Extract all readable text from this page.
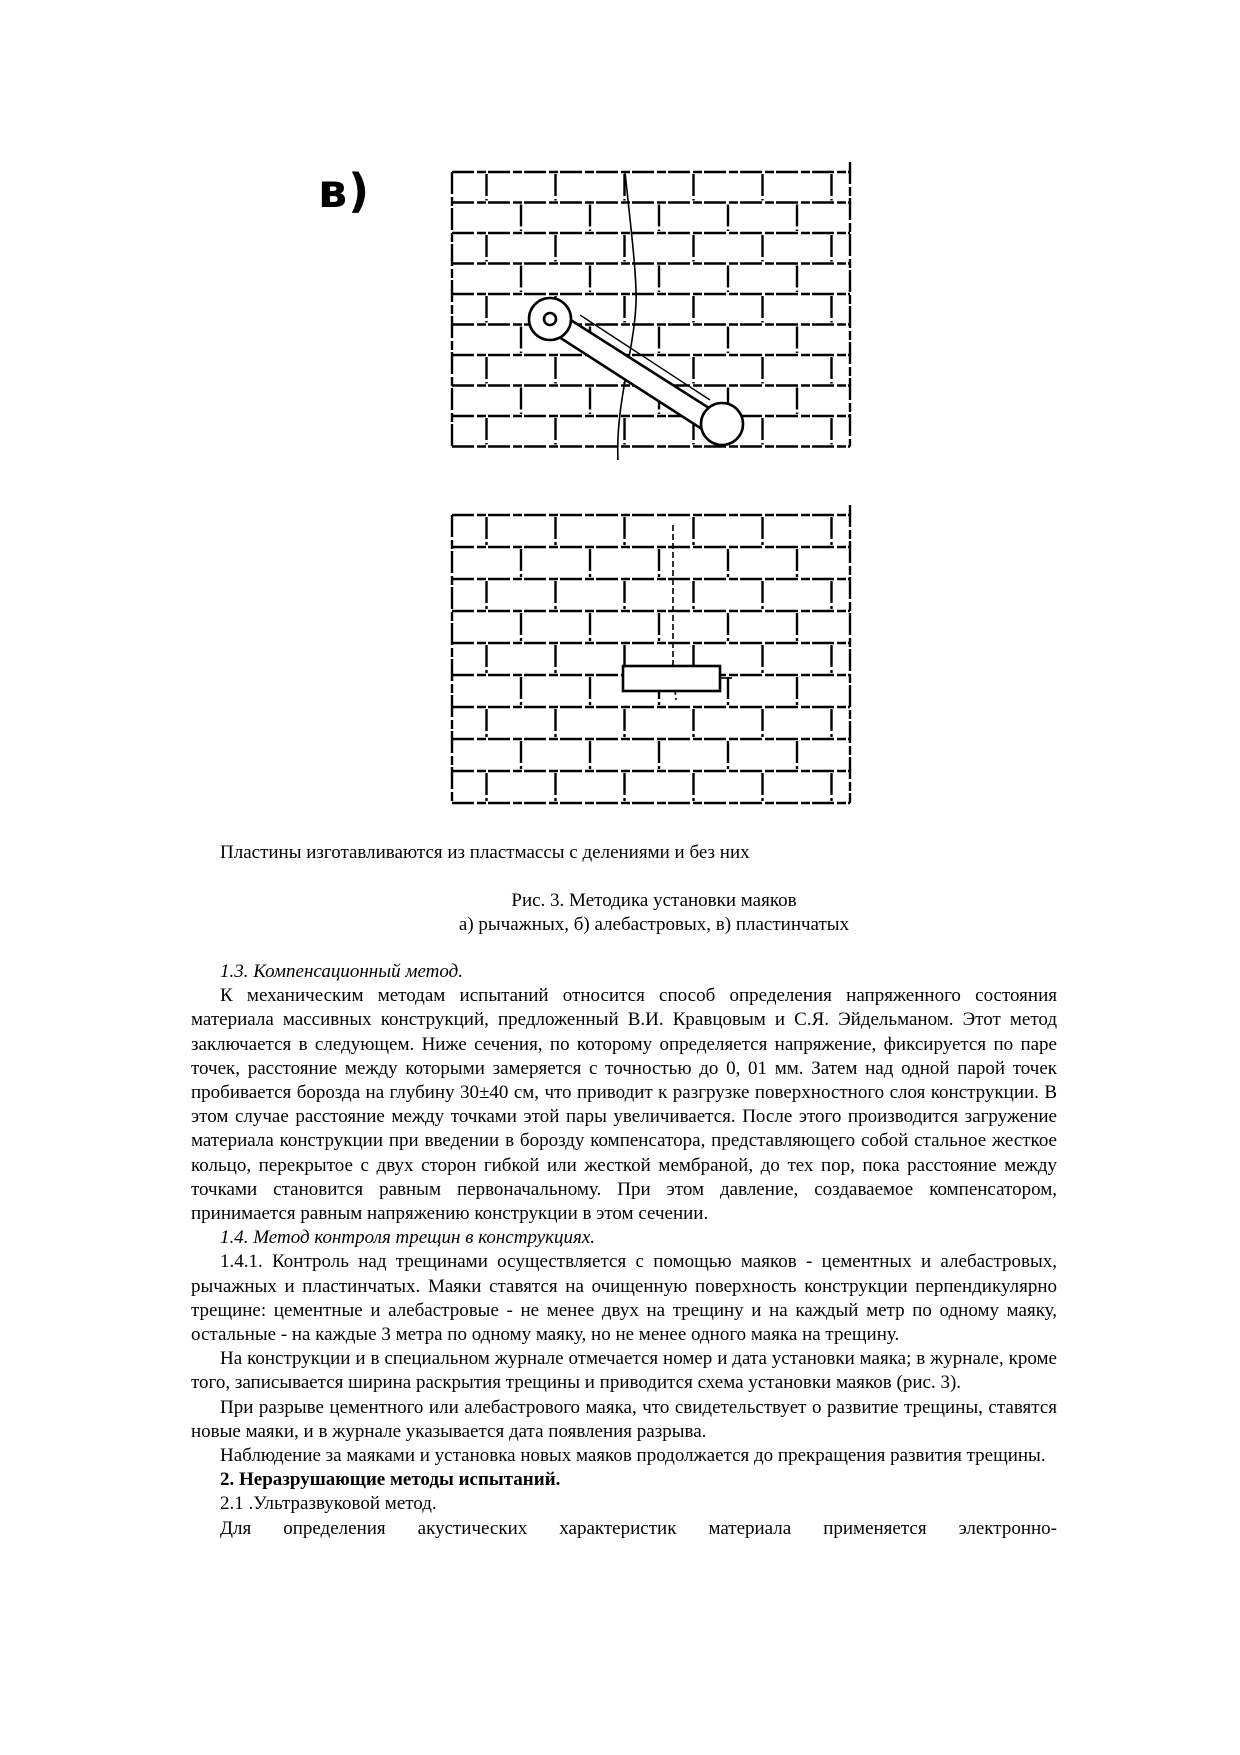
в)

Пластины изготавливаются из пластмассы с делениями и без них

Рис. 3. Методика установки маяков

а) рычажных, б) алебастровых, в) пластинчатых

1.3. Компенсационный метод.

К механическим методам испытаний относится способ определения напряженного состояния материала массивных конструкций, предложенный В.И. Кравцовым и С.Я. Эйдельманом. Этот метод заключается в следующем. Ниже сечения, по которому определяется напряжение, фиксируется по паре точек, расстояние между которыми замеряется с точностью до 0, 01 мм. Затем над одной парой точек пробивается борозда на глубину 30±40 см, что приводит к разгрузке поверхностного слоя конструкции. В этом случае расстояние между точками этой пары увеличивается. После этого производится загружение материала конструкции при введении в борозду компенсатора, представляющего собой стальное жесткое кольцо, перекрытое с двух сторон гибкой или жесткой мембраной, до тех пор, пока расстояние между точками становится равным первоначальному. При этом давление, создаваемое компенсатором, принимается равным напряжению конструкции в этом сечении.

1.4. Метод контроля трещин в конструкциях.

1.4.1. Контроль над трещинами осуществляется с помощью маяков - цементных и алебастровых, рычажных и пластинчатых. Маяки ставятся на очищенную поверхность конструкции перпендикулярно трещине: цементные и алебастровые - не менее двух на трещину и на каждый метр по одному маяку, остальные - на каждые 3 метра по одному маяку, но не менее одного маяка на трещину.

На конструкции и в специальном журнале отмечается номер и дата установки маяка; в журнале, кроме того, записывается ширина раскрытия трещины и приводится схема установки маяков (рис. 3).

При разрыве цементного или алебастрового маяка, что свидетельствует о развитие трещины, ставятся новые маяки, и в журнале указывается дата появления разрыва.

Наблюдение за маяками и установка новых маяков продолжается до прекращения развития трещины.

2. Неразрушающие методы испытаний.

2.1 .Ультразвуковой метод.

Для определения акустических характеристик материала применяется электронно-
